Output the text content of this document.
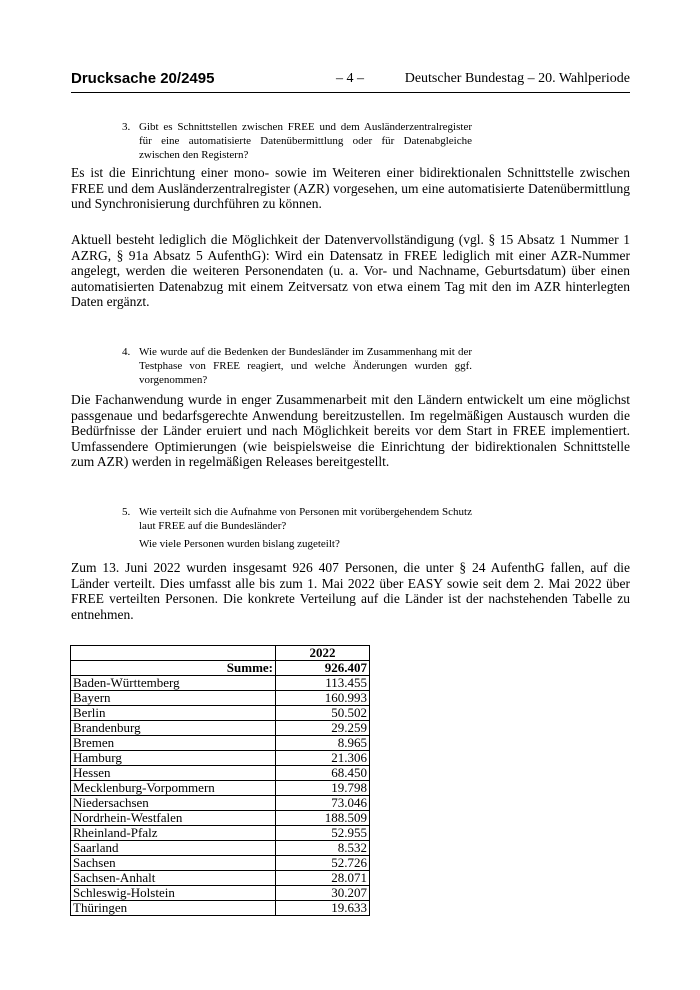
Drucksache 20/2495	– 4 –	Deutscher Bundestag – 20. Wahlperiode
3. Gibt es Schnittstellen zwischen FREE und dem Ausländerzentralregister für eine automatisierte Datenübermittlung oder für Datenabgleiche zwischen den Registern?

Es ist die Einrichtung einer mono- sowie im Weiteren einer bidirektionalen Schnittstelle zwischen FREE und dem Ausländerzentralregister (AZR) vorgesehen, um eine automatisierte Datenübermittlung und Synchronisierung durchführen zu können.

Aktuell besteht lediglich die Möglichkeit der Datenvervollständigung (vgl. § 15 Absatz 1 Nummer 1 AZRG, § 91a Absatz 5 AufenthG): Wird ein Datensatz in FREE lediglich mit einer AZR-Nummer angelegt, werden die weiteren Personendaten (u. a. Vor- und Nachname, Geburtsdatum) über einen automatisierten Datenabzug mit einem Zeitversatz von etwa einem Tag mit den im AZR hinterlegten Daten ergänzt.

4. Wie wurde auf die Bedenken der Bundesländer im Zusammenhang mit der Testphase von FREE reagiert, und welche Änderungen wurden ggf. vorgenommen?

Die Fachanwendung wurde in enger Zusammenarbeit mit den Ländern entwickelt um eine möglichst passgenaue und bedarfsgerechte Anwendung bereitzustellen. Im regelmäßigen Austausch wurden die Bedürfnisse der Länder eruiert und nach Möglichkeit bereits vor dem Start in FREE implementiert. Umfassendere Optimierungen (wie beispielsweise die Einrichtung der bidirektionalen Schnittstelle zum AZR) werden in regelmäßigen Releases bereitgestellt.

5. Wie verteilt sich die Aufnahme von Personen mit vorübergehendem Schutz laut FREE auf die Bundesländer?

Wie viele Personen wurden bislang zugeteilt?

Zum 13. Juni 2022 wurden insgesamt 926 407 Personen, die unter § 24 AufenthG fallen, auf die Länder verteilt. Dies umfasst alle bis zum 1. Mai 2022 über EASY sowie seit dem 2. Mai 2022 über FREE verteilten Personen. Die konkrete Verteilung auf die Länder ist der nachstehenden Tabelle zu entnehmen.

	2022
Summe:	926.407
Baden-Württemberg	113.455
Bayern	160.993
Berlin	50.502
Brandenburg	29.259
Bremen	8.965
Hamburg	21.306
Hessen	68.450
Mecklenburg-Vorpommern	19.798
Niedersachsen	73.046
Nordrhein-Westfalen	188.509
Rheinland-Pfalz	52.955
Saarland	8.532
Sachsen	52.726
Sachsen-Anhalt	28.071
Schleswig-Holstein	30.207
Thüringen	19.633
